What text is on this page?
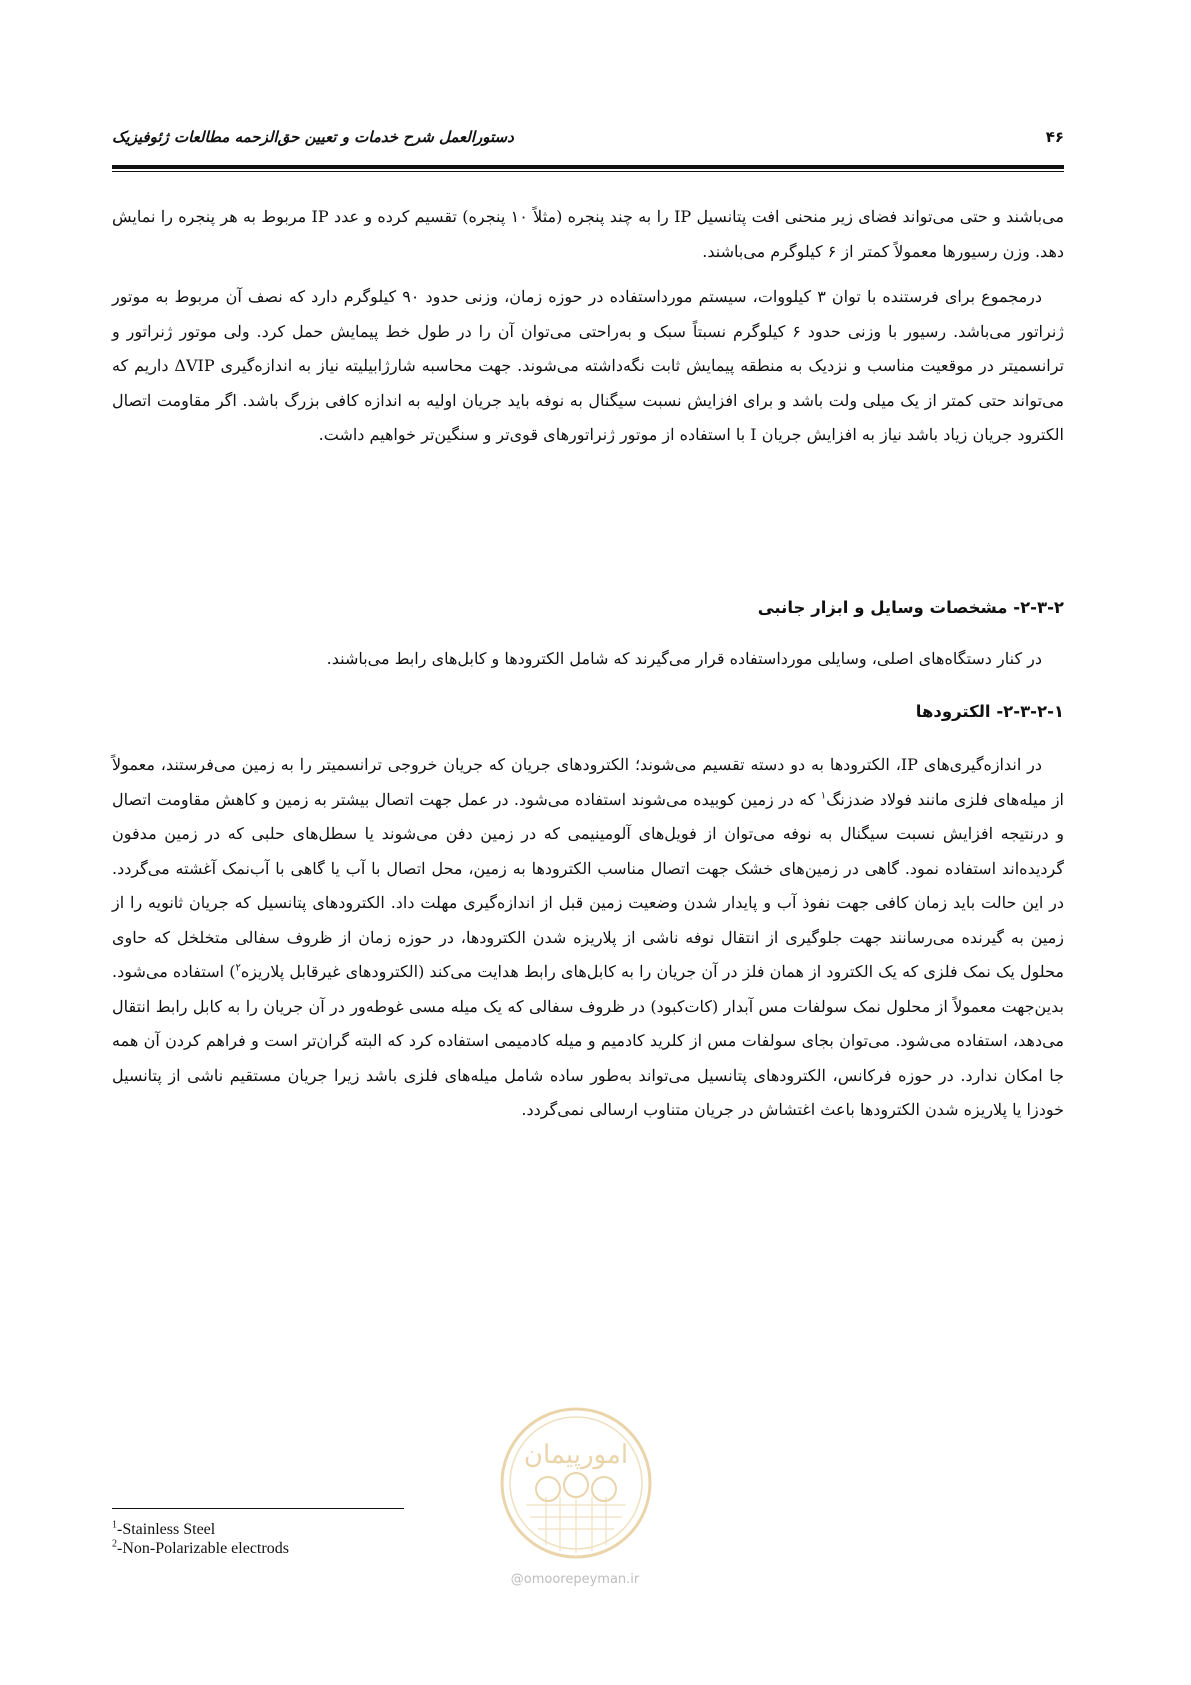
دستورالعمل شرح خدمات و تعیین حق‌الزحمه مطالعات ژئوفیزیک	۴۶

می‌باشند و حتی می‌تواند فضای زیر منحنی افت پتانسیل IP را به چند پنجره (مثلاً ۱۰ پنجره) تقسیم کرده و عدد IP مربوط به هر پنجره را نمایش دهد. وزن رسیورها معمولاً کمتر از ۶ کیلوگرم می‌باشند.

درمجموع برای فرستنده با توان ۳ کیلووات، سیستم مورداستفاده در حوزه زمان، وزنی حدود ۹۰ کیلوگرم دارد که نصف آن مربوط به موتور ژنراتور می‌باشد. رسیور با وزنی حدود ۶ کیلوگرم نسبتاً سبک و به‌راحتی می‌توان آن را در طول خط پیمایش حمل کرد. ولی موتور ژنراتور و ترانسمیتر در موقعیت مناسب و نزدیک به منطقه پیمایش ثابت نگه‌داشته می‌شوند. جهت محاسبه شارژابیلیته نیاز به اندازه‌گیری ΔVIP داریم که می‌تواند حتی کمتر از یک میلی ولت باشد و برای افزایش نسبت سیگنال به نوفه باید جریان اولیه به اندازه کافی بزرگ باشد. اگر مقاومت اتصال الکترود جریان زیاد باشد نیاز به افزایش جریان I با استفاده از موتور ژنراتورهای قوی‌تر و سنگین‌تر خواهیم داشت.

۲-۳-۲- مشخصات وسایل و ابزار جانبی

در کنار دستگاه‌های اصلی، وسایلی مورداستفاده قرار می‌گیرند که شامل الکترودها و کابل‌های رابط می‌باشند.

۲-۳-۲-۱- الکترودها

در اندازه‌گیری‌های IP، الکترودها به دو دسته تقسیم می‌شوند؛ الکترودهای جریان که جریان خروجی ترانسمیتر را به زمین می‌فرستند، معمولاً از میله‌های فلزی مانند فولاد ضدزنگ$^۱$ که در زمین کوبیده می‌شوند استفاده می‌شود. در عمل جهت اتصال بیشتر به زمین و کاهش مقاومت اتصال و درنتیجه افزایش نسبت سیگنال به نوفه می‌توان از فویل‌های آلومینیمی که در زمین دفن می‌شوند یا سطل‌های حلبی که در زمین مدفون گردیده‌اند استفاده نمود. گاهی در زمین‌های خشک جهت اتصال مناسب الکترودها به زمین، محل اتصال با آب یا گاهی با آب‌نمک آغشته می‌گردد. در این حالت باید زمان کافی جهت نفوذ آب و پایدار شدن وضعیت زمین قبل از اندازه‌گیری مهلت داد. الکترودهای پتانسیل که جریان ثانویه را از زمین به گیرنده می‌رسانند جهت جلوگیری از انتقال نوفه ناشی از پلاریزه شدن الکترودها، در حوزه زمان از ظروف سفالی متخلخل که حاوی محلول یک نمک فلزی که یک الکترود از همان فلز در آن جریان را به کابل‌های رابط هدایت می‌کند (الکترودهای غیرقابل پلاریزه$^۲$) استفاده می‌شود. بدین‌جهت معمولاً از محلول نمک سولفات مس آبدار (کات‌کبود) در ظروف سفالی که یک میله مسی غوطه‌ور در آن جریان را به کابل رابط انتقال می‌دهد، استفاده می‌شود. می‌توان بجای سولفات مس از کلرید کادمیم و میله کادمیمی استفاده کرد که البته گران‌تر است و فراهم کردن آن همه جا امکان ندارد. در حوزه فرکانس، الکترودهای پتانسیل می‌تواند به‌طور ساده شامل میله‌های فلزی باشد زیرا جریان مستقیم ناشی از پتانسیل خودزا یا پلاریزه شدن الکترودها باعث اغتشاش در جریان متناوب ارسالی نمی‌گردد.

امورپیمان
@omoorepeyman.ir
$^1$-Stainless Steel
$^2$-Non-Polarizable electrods
